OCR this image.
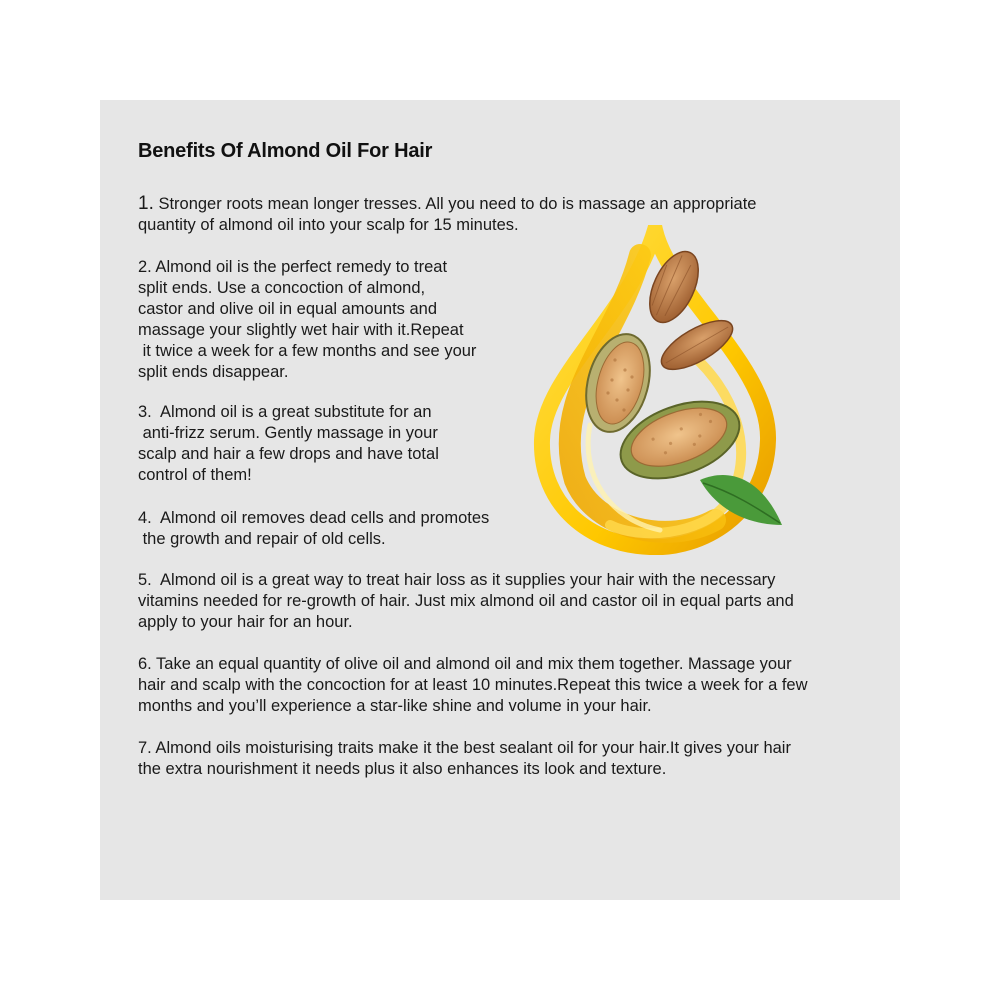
Benefits Of Almond Oil For Hair

1. Stronger roots mean longer tresses. All you need to do is massage an appropriate
quantity of almond oil into your scalp for 15 minutes.

2. Almond oil is the perfect remedy to treat
split ends. Use a concoction of almond,
castor and olive oil in equal amounts and
massage your slightly wet hair with it.Repeat
it twice a week for a few months and see your
split ends disappear.

3.  Almond oil is a great substitute for an
anti-frizz serum. Gently massage in your
scalp and hair a few drops and have total
control of them!

4.  Almond oil removes dead cells and promotes
the growth and repair of old cells.

5.  Almond oil is a great way to treat hair loss as it supplies your hair with the necessary
vitamins needed for re-growth of hair. Just mix almond oil and castor oil in equal parts and
apply to your hair for an hour.

6. Take an equal quantity of olive oil and almond oil and mix them together. Massage your
hair and scalp with the concoction for at least 10 minutes.Repeat this twice a week for a few
months and you’ll experience a star-like shine and volume in your hair.

7. Almond oils moisturising traits make it the best sealant oil for your hair.It gives your hair
the extra nourishment it needs plus it also enhances its look and texture.
